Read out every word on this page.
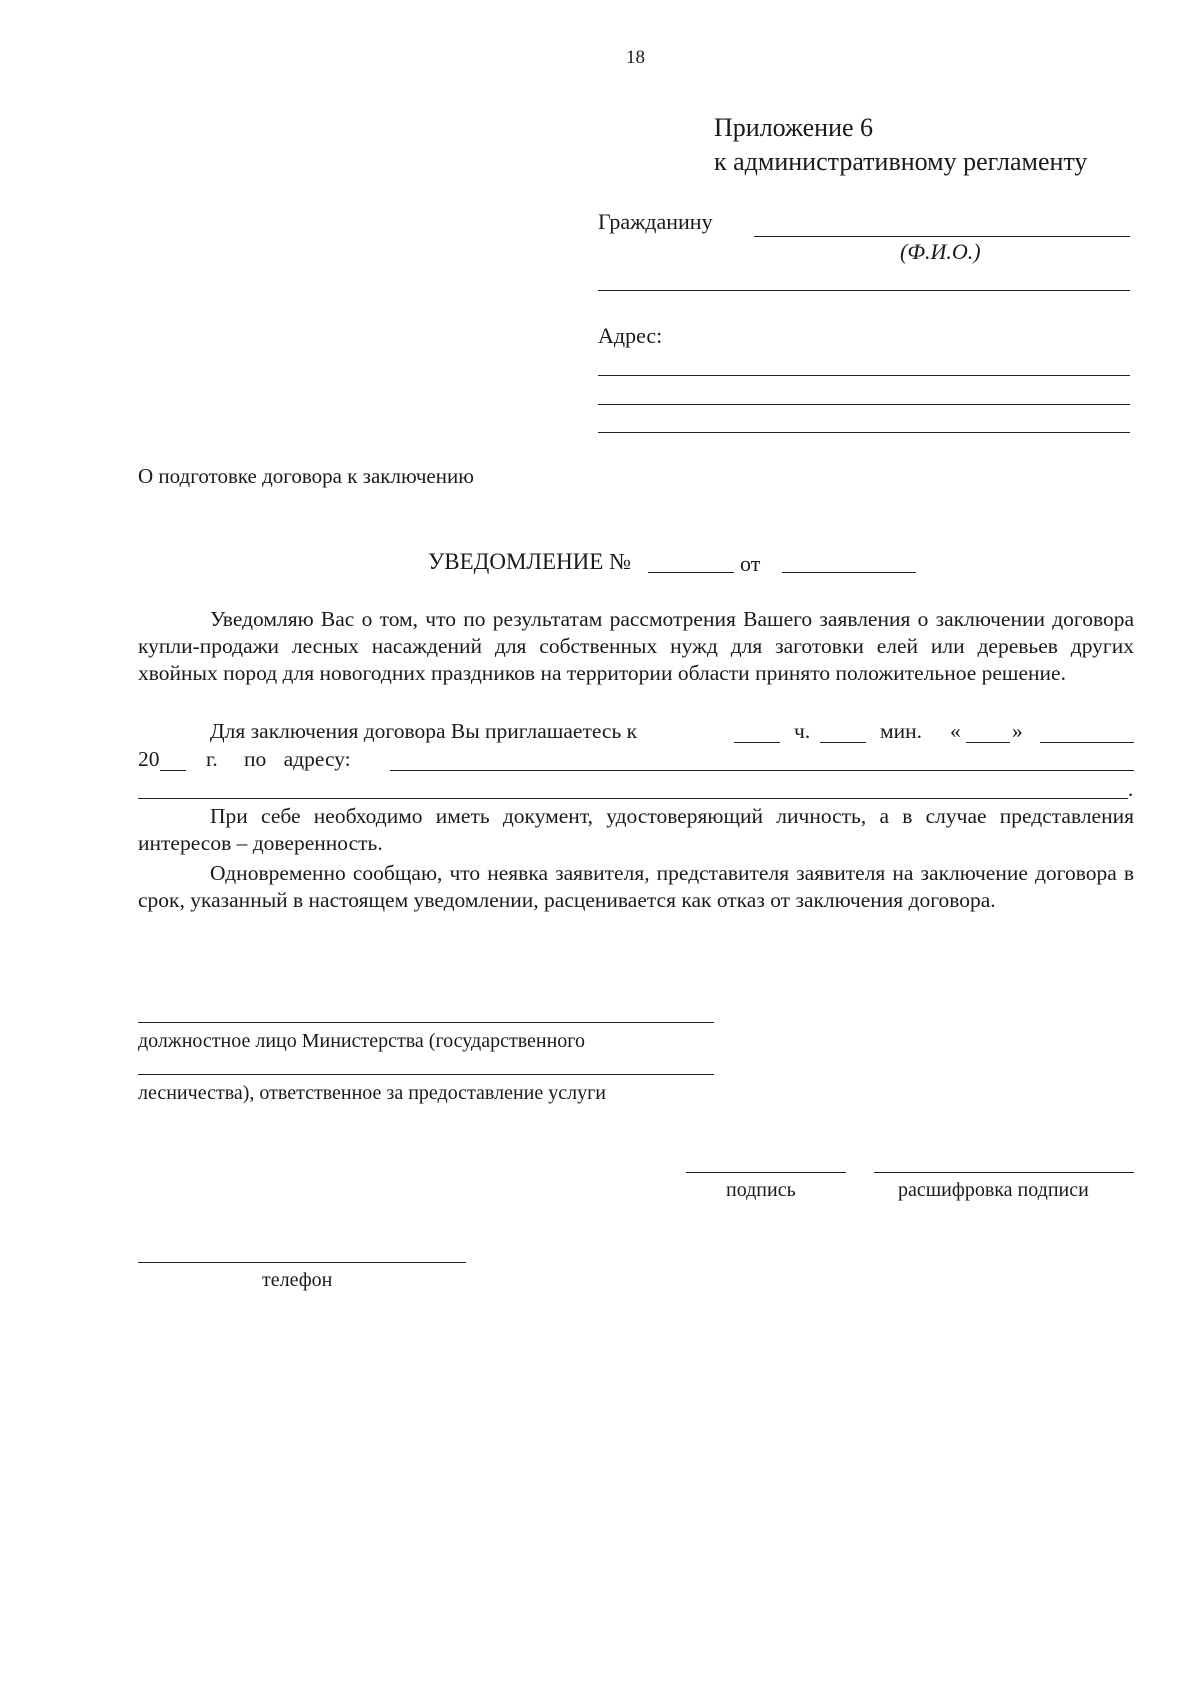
18
Приложение 6
к административному регламенту
Гражданину
(Ф.И.О.)
Адрес:
О подготовке договора к заключению
УВЕДОМЛЕНИЕ №	от
Уведомляю Вас о том, что по результатам рассмотрения Вашего заявления о заключении договора купли-продажи лесных насаждений для собственных нужд для заготовки елей или деревьев других хвойных пород для новогодних праздников на территории области принято положительное решение.
Для заключения договора Вы приглашаетесь к	ч.	мин. « »
20 г. по адресу:
.
При себе необходимо иметь документ, удостоверяющий личность, а в случае представления интересов – доверенность.
Одновременно сообщаю, что неявка заявителя, представителя заявителя на заключение договора в срок, указанный в настоящем уведомлении, расценивается как отказ от заключения договора.
должностное лицо Министерства (государственного
лесничества), ответственное за предоставление услуги
подпись	расшифровка подписи
телефон
